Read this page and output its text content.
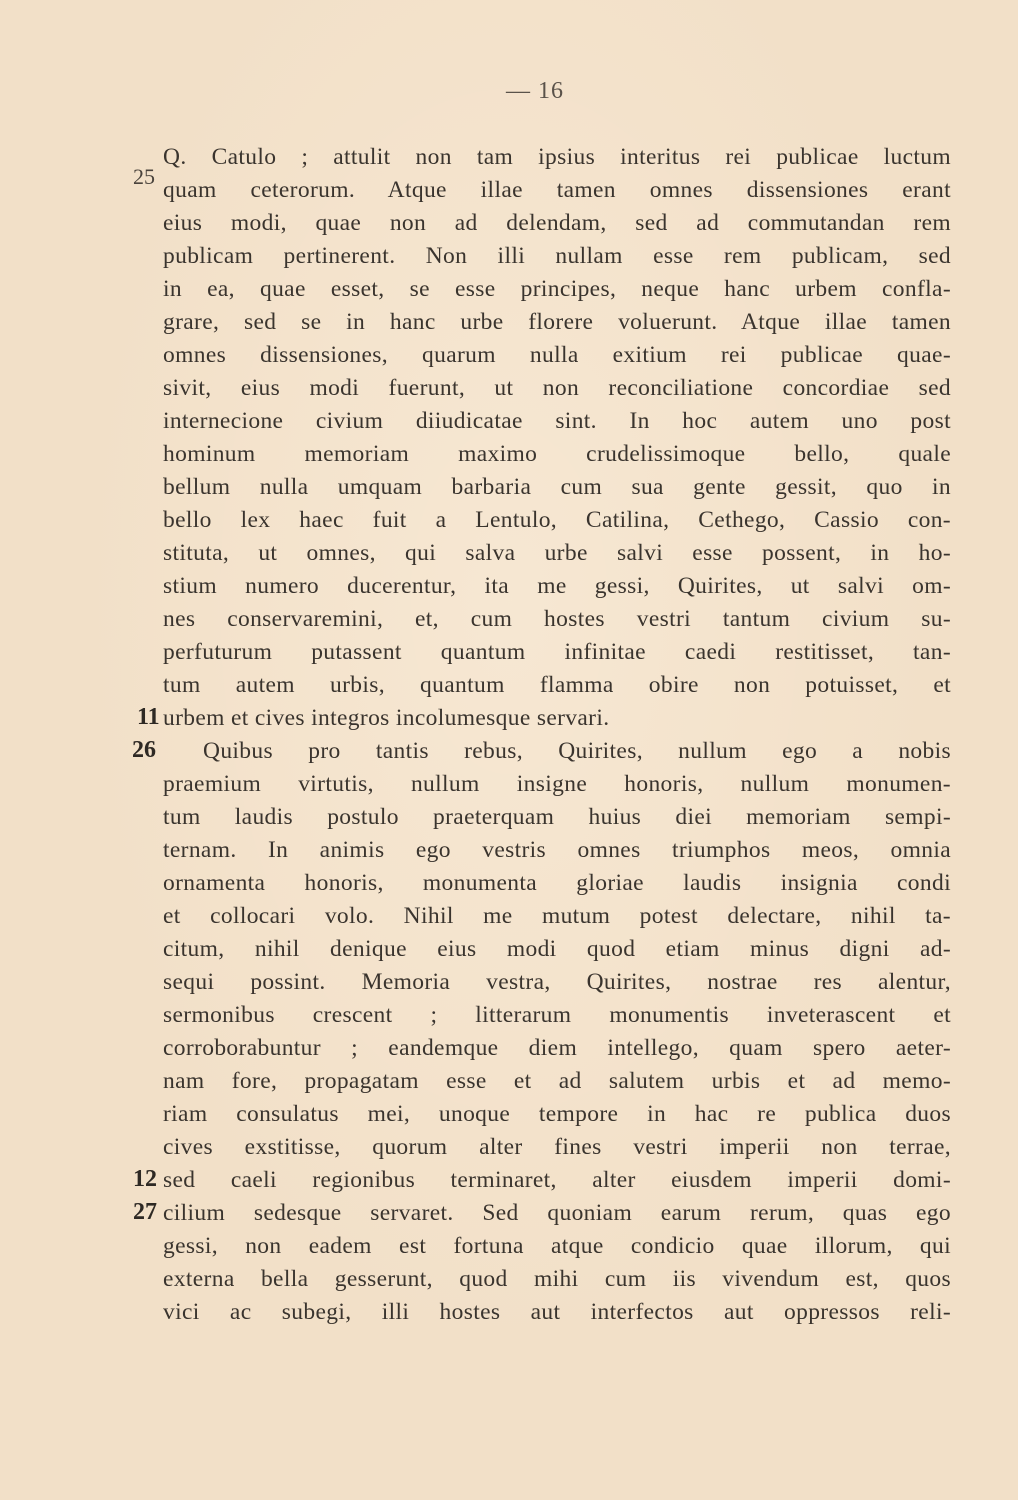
— 16
25
11
26
12
27
Q. Catulo ; attulit non tam ipsius interitus rei publicae luctum
quam ceterorum. Atque illae tamen omnes dissensiones erant
eius modi, quae non ad delendam, sed ad commutandan rem
publicam pertinerent. Non illi nullam esse rem publicam, sed
in ea, quae esset, se esse principes, neque hanc urbem confla-
grare, sed se in hanc urbe florere voluerunt. Atque illae tamen
omnes dissensiones, quarum nulla exitium rei publicae quae-
sivit, eius modi fuerunt, ut non reconciliatione concordiae sed
internecione civium diiudicatae sint. In hoc autem uno post
hominum memoriam maximo crudelissimoque bello, quale
bellum nulla umquam barbaria cum sua gente gessit, quo in
bello lex haec fuit a Lentulo, Catilina, Cethego, Cassio con-
stituta, ut omnes, qui salva urbe salvi esse possent, in ho-
stium numero ducerentur, ita me gessi, Quirites, ut salvi om-
nes conservaremini, et, cum hostes vestri tantum civium su-
perfuturum putassent quantum infinitae caedi restitisset, tan-
tum autem urbis, quantum flamma obire non potuisset, et
urbem et cives integros incolumesque servari.
Quibus pro tantis rebus, Quirites, nullum ego a nobis
praemium virtutis, nullum insigne honoris, nullum monumen-
tum laudis postulo praeterquam huius diei memoriam sempi-
ternam. In animis ego vestris omnes triumphos meos, omnia
ornamenta honoris, monumenta gloriae laudis insignia condi
et collocari volo. Nihil me mutum potest delectare, nihil ta-
citum, nihil denique eius modi quod etiam minus digni ad-
sequi possint. Memoria vestra, Quirites, nostrae res alentur,
sermonibus crescent ; litterarum monumentis inveterascent et
corroborabuntur ; eandemque diem intellego, quam spero aeter-
nam fore, propagatam esse et ad salutem urbis et ad memo-
riam consulatus mei, unoque tempore in hac re publica duos
cives exstitisse, quorum alter fines vestri imperii non terrae,
sed caeli regionibus terminaret, alter eiusdem imperii domi-
cilium sedesque servaret. Sed quoniam earum rerum, quas ego
gessi, non eadem est fortuna atque condicio quae illorum, qui
externa bella gesserunt, quod mihi cum iis vivendum est, quos
vici ac subegi, illi hostes aut interfectos aut oppressos reli-
